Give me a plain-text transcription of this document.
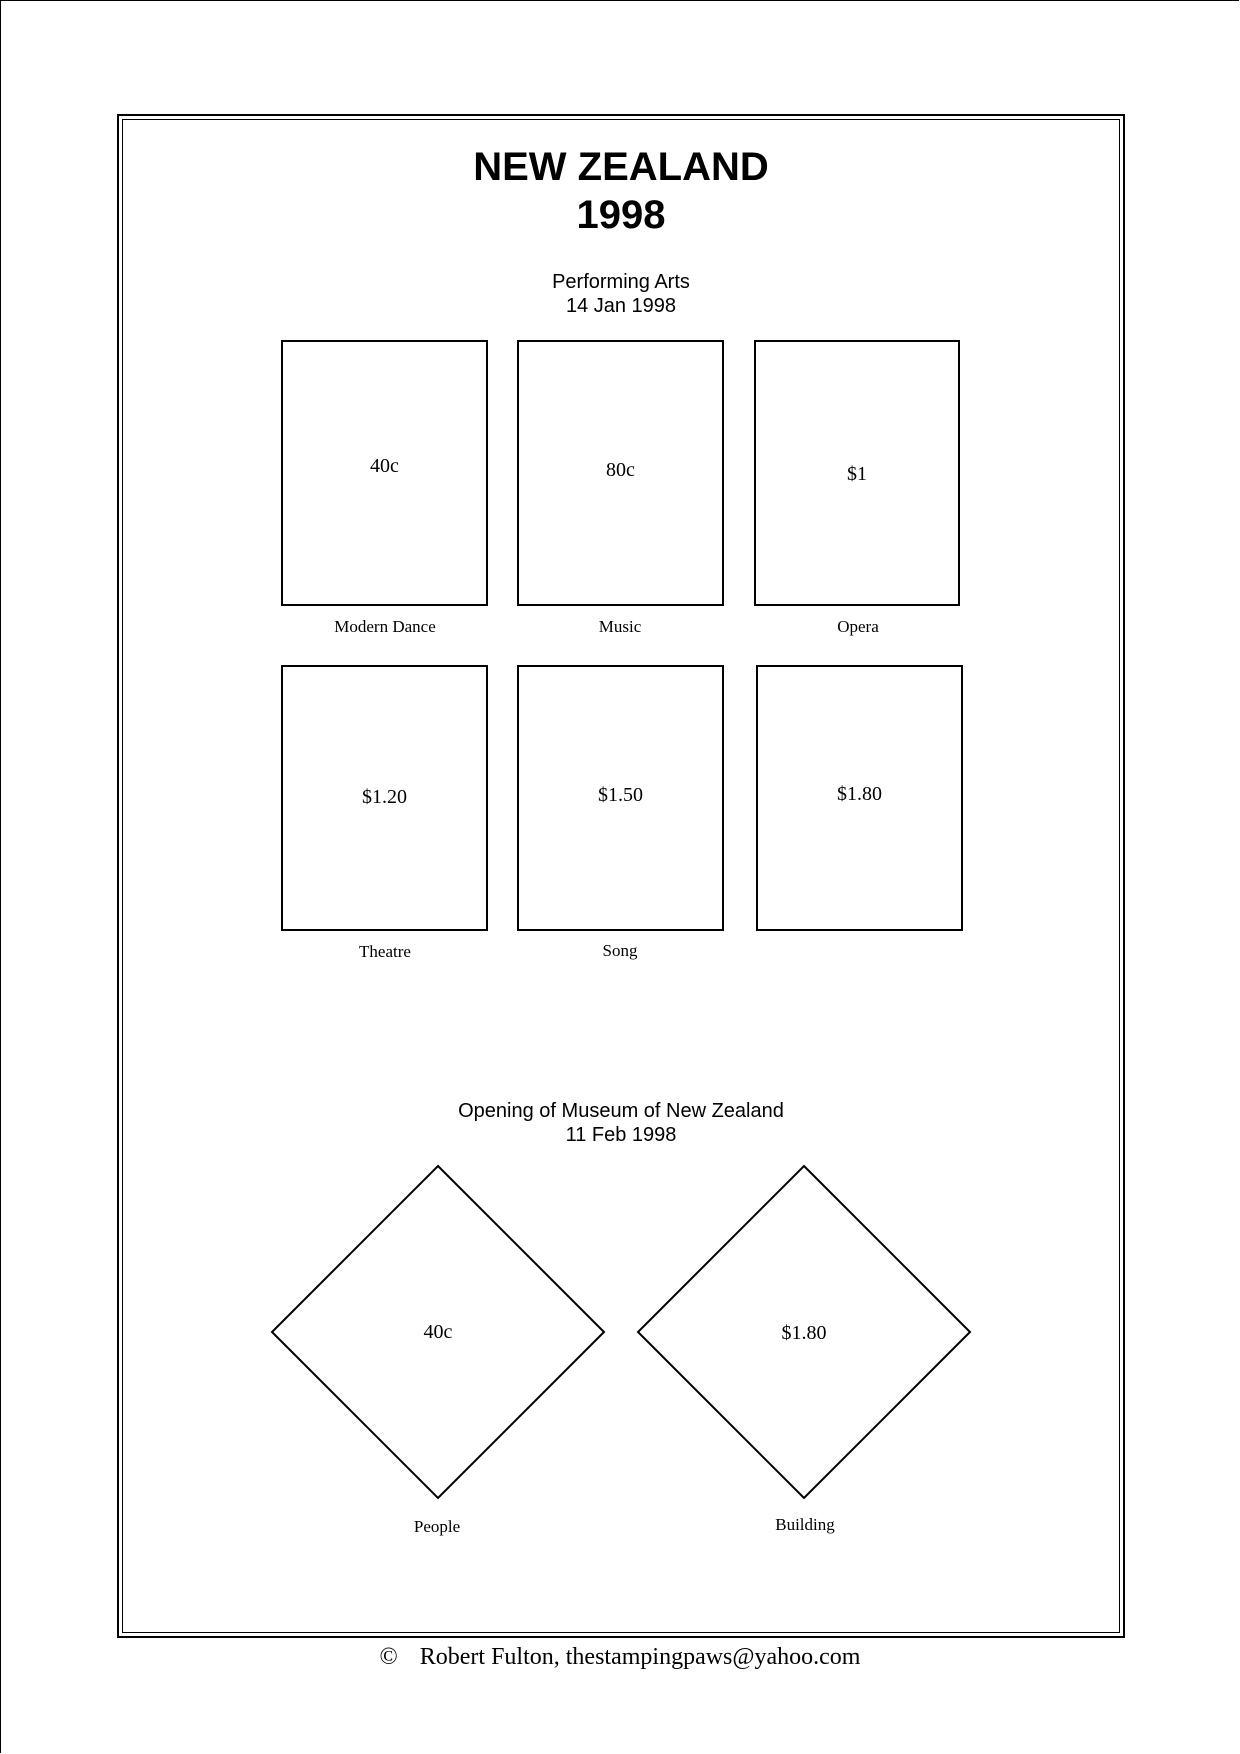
NEW ZEALAND
1998
Performing Arts
14 Jan 1998
40c
Modern Dance
80c
Music
$1
Opera
$1.20
Theatre
$1.50
Song
$1.80
Opening of Museum of New Zealand
11 Feb 1998
40c
People
$1.80
Building
© Robert Fulton, thestampingpaws@yahoo.com
